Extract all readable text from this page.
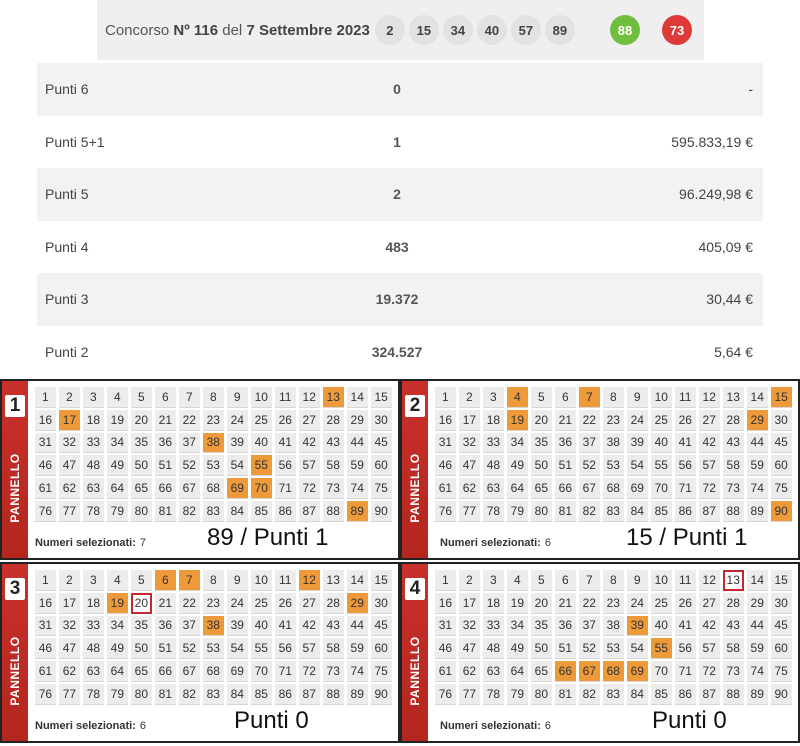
Concorso Nº 116 del 7 Settembre 2023	2	15	34	40	57	89	88	73
Punti 6	0	-
Punti 5+1	1	595.833,19 €
Punti 5	2	96.249,98 €
Punti 4	483	405,09 €
Punti 3	19.372	30,44 €
Punti 2	324.527	5,64 €
1
PANNELLO
1	2	3	4	5	6	7	8	9	10 11 12 13 14 15
16 17 18 19 20 21 22 23 24 25 26 27 28 29 30
31 32 33 34 35 36 37 38 39 40 41 42 43 44 45
46 47 48 49 50 51 52 53 54 55 56 57 58 59 60
61 62 63 64 65 66 67 68 69 70 71 72 73 74 75
76 77 78 79 80 81 82 83 84 85 86 87 88 89 90
Numeri selezionati: 7	89 / Punti 1
2
PANNELLO
1	2	3	4	5	6	7	8	9	10 11 12 13 14 15
16 17 18 19 20 21 22 23 24 25 26 27 28 29 30
31 32 33 34 35 36 37 38 39 40 41 42 43 44 45
46 47 48 49 50 51 52 53 54 55 56 57 58 59 60
61 62 63 64 65 66 67 68 69 70 71 72 73 74 75
76 77 78 79 80 81 82 83 84 85 86 87 88 89 90
Numeri selezionati: 6	15 / Punti 1
3
PANNELLO
1	2	3	4	5	6	7	8	9	10 11 12 13 14 15
16 17 18 19 20 21 22 23 24 25 26 27 28 29 30
31 32 33 34 35 36 37 38 39 40 41 42 43 44 45
46 47 48 49 50 51 52 53 54 55 56 57 58 59 60
61 62 63 64 65 66 67 68 69 70 71 72 73 74 75
76 77 78 79 80 81 82 83 84 85 86 87 88 89 90
Numeri selezionati: 6	Punti 0
4
PANNELLO
1	2	3	4	5	6	7	8	9	10 11 12 13 14 15
16 17 18 19 20 21 22 23 24 25 26 27 28 29 30
31 32 33 34 35 36 37 38 39 40 41 42 43 44 45
46 47 48 49 50 51 52 53 54 55 56 57 58 59 60
61 62 63 64 65 66 67 68 69 70 71 72 73 74 75
76 77 78 79 80 81 82 83 84 85 86 87 88 89 90
Numeri selezionati: 6	Punti 0
